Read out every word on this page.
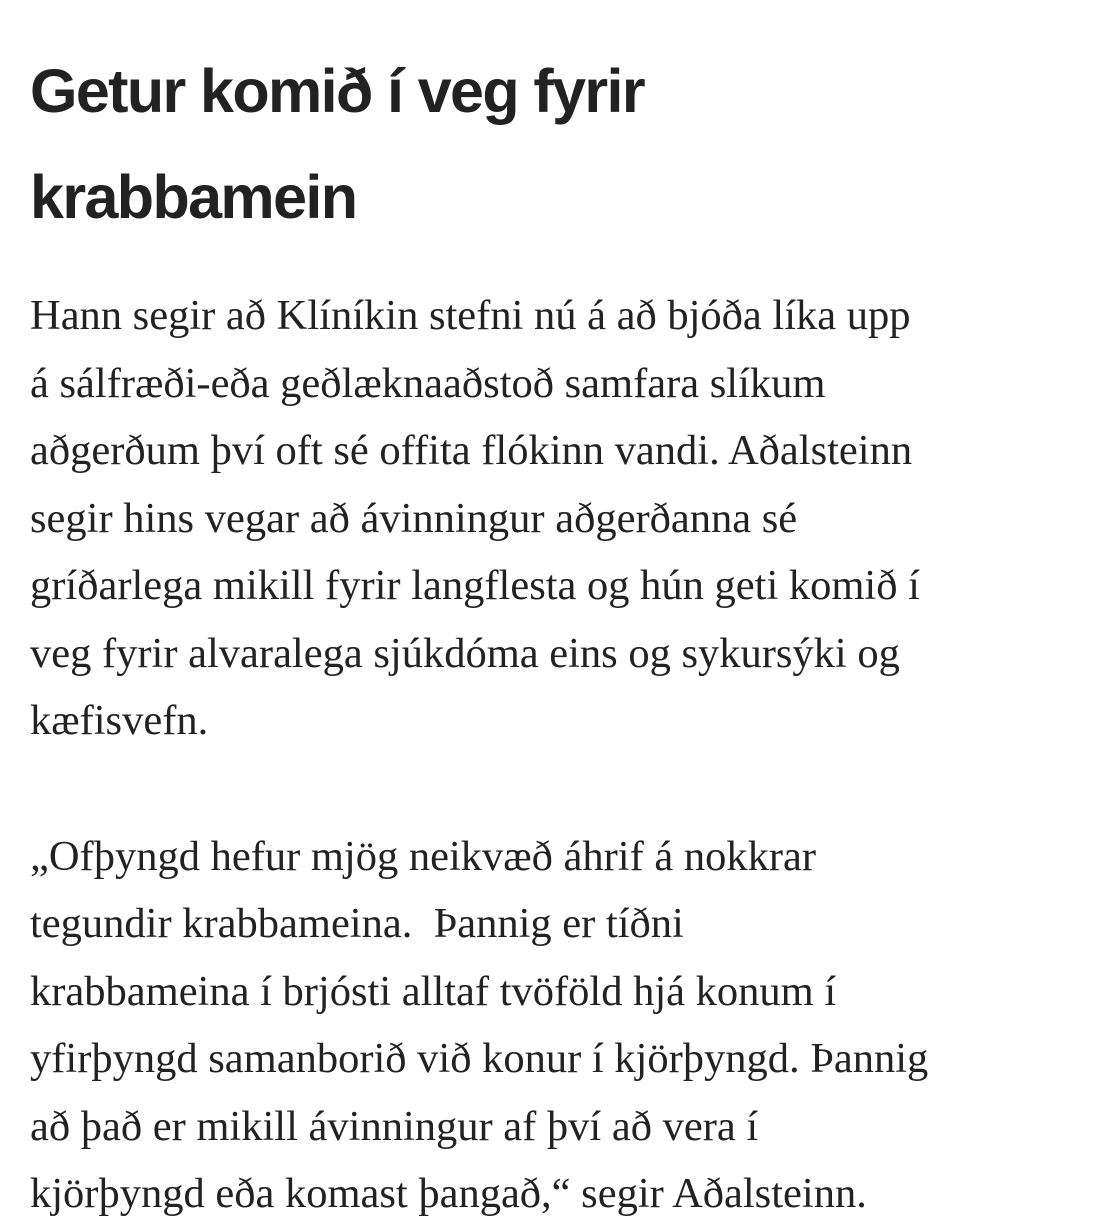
Getur komið í veg fyrir krabbamein

Hann segir að Klíníkin stefni nú á að bjóða líka upp
á sálfræði-eða geðlæknaaðstoð samfara slíkum
aðgerðum því oft sé offita flókinn vandi. Aðalsteinn
segir hins vegar að ávinningur aðgerðanna sé
gríðarlega mikill fyrir langflesta og hún geti komið í
veg fyrir alvaralega sjúkdóma eins og sykursýki og
kæfisvefn.

„Ofþyngd hefur mjög neikvæð áhrif á nokkrar
tegundir krabbameina.  Þannig er tíðni
krabbameina í brjósti alltaf tvöföld hjá konum í
yfirþyngd samanborið við konur í kjörþyngd. Þannig
að það er mikill ávinningur af því að vera í
kjörþyngd eða komast þangað,“ segir Aðalsteinn.
